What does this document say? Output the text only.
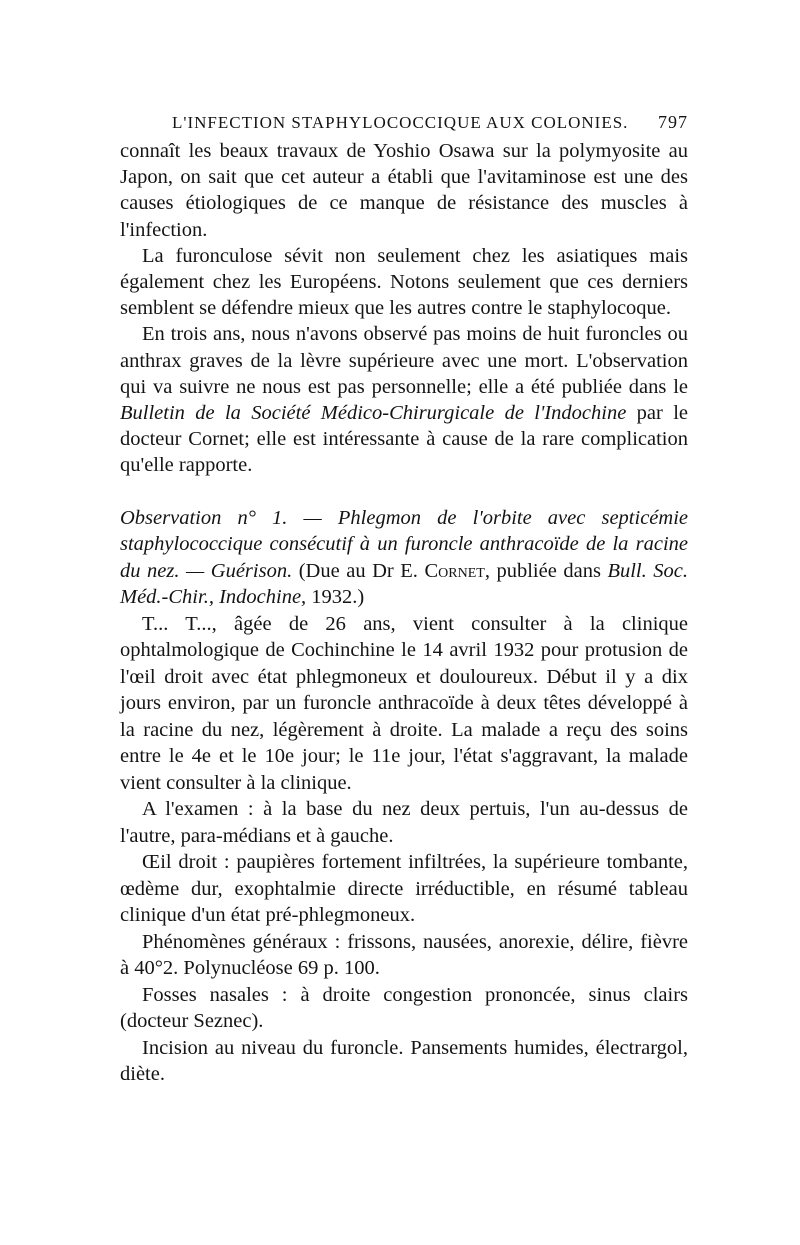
L'INFECTION STAPHYLOCOCCIQUE AUX COLONIES. 797

connaît les beaux travaux de Yoshio Osawa sur la polymyosite au Japon, on sait que cet auteur a établi que l'avitaminose est une des causes étiologiques de ce manque de résistance des muscles à l'infection.

La furonculose sévit non seulement chez les asiatiques mais également chez les Européens. Notons seulement que ces derniers semblent se défendre mieux que les autres contre le staphylocoque.

En trois ans, nous n'avons observé pas moins de huit furoncles ou anthrax graves de la lèvre supérieure avec une mort. L'observation qui va suivre ne nous est pas personnelle; elle a été publiée dans le Bulletin de la Société Médico-Chirurgicale de l'Indochine par le docteur Cornet; elle est intéressante à cause de la rare complication qu'elle rapporte.

Observation n° 1. — Phlegmon de l'orbite avec septicémie staphylococcique consécutif à un furoncle anthracoïde de la racine du nez. — Guérison. (Due au Dr E. Cornet, publiée dans Bull. Soc. Méd.-Chir., Indochine, 1932.)

T... T..., âgée de 26 ans, vient consulter à la clinique ophtalmologique de Cochinchine le 14 avril 1932 pour protusion de l'œil droit avec état phlegmoneux et douloureux. Début il y a dix jours environ, par un furoncle anthracoïde à deux têtes développé à la racine du nez, légèrement à droite. La malade a reçu des soins entre le 4e et le 10e jour; le 11e jour, l'état s'aggravant, la malade vient consulter à la clinique.

A l'examen : à la base du nez deux pertuis, l'un au-dessus de l'autre, para-médians et à gauche.

Œil droit : paupières fortement infiltrées, la supérieure tombante, œdème dur, exophtalmie directe irréductible, en résumé tableau clinique d'un état pré-phlegmoneux.

Phénomènes généraux : frissons, nausées, anorexie, délire, fièvre à 40°2. Polynucléose 69 p. 100.

Fosses nasales : à droite congestion prononcée, sinus clairs (docteur Seznec).

Incision au niveau du furoncle. Pansements humides, électrargol, diète.
